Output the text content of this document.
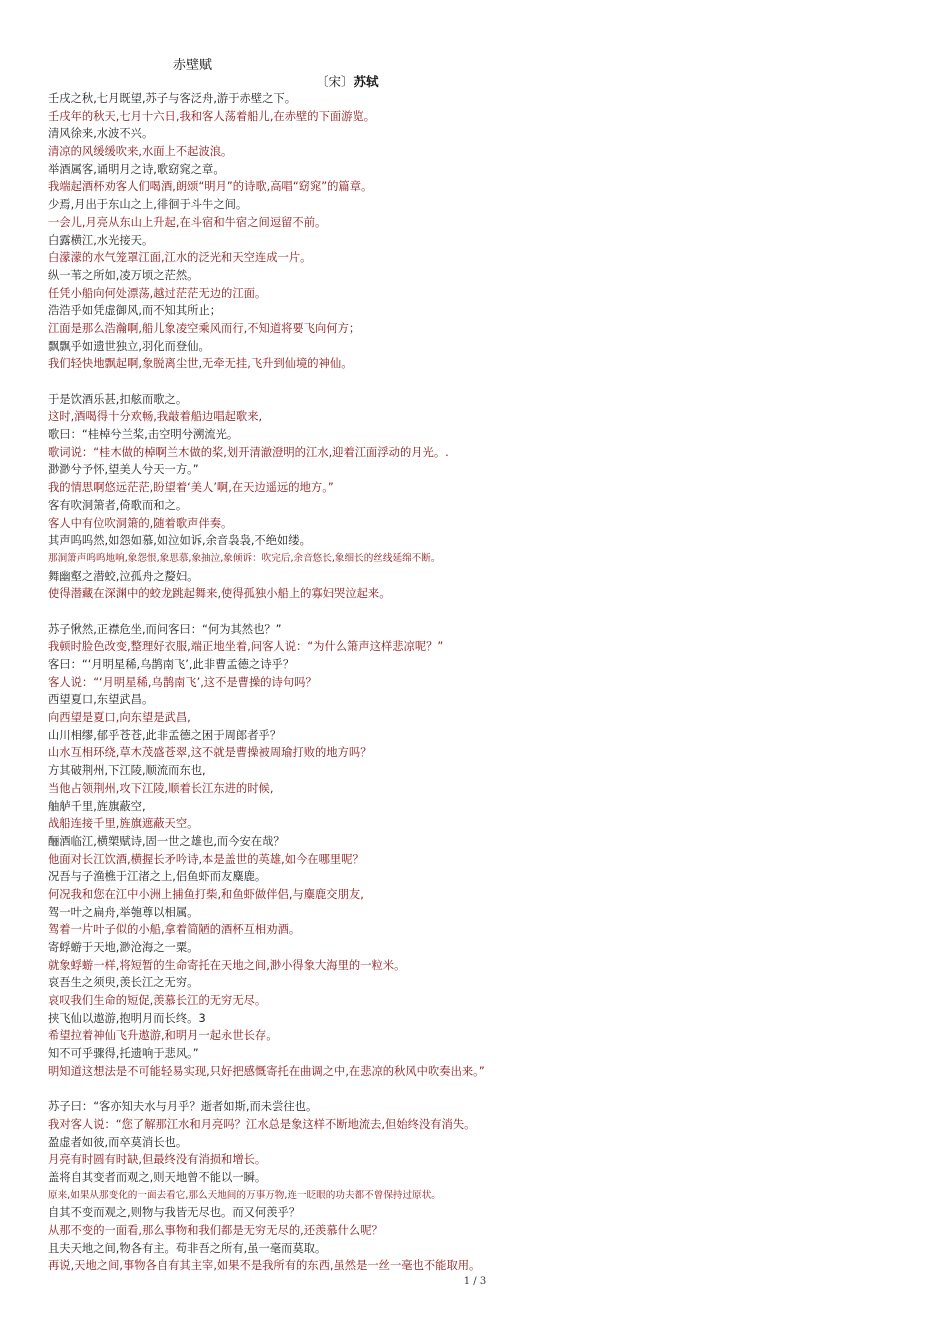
赤壁赋
〔宋〕苏轼
壬戌之秋,七月既望,苏子与客泛舟,游于赤壁之下。
壬戌年的秋天,七月十六日,我和客人荡着船儿,在赤壁的下面游览。
清风徐来,水波不兴。
清凉的风缓缓吹来,水面上不起波浪。
举酒属客,诵明月之诗,歌窈窕之章。
我端起酒杯劝客人们喝酒,朗颂“明月”的诗歌,高唱“窈窕”的篇章。
少焉,月出于东山之上,徘徊于斗牛之间。
一会儿,月亮从东山上升起,在斗宿和牛宿之间逗留不前。
白露横江,水光接天。
白濛濛的水气笼罩江面,江水的泛光和天空连成一片。
纵一苇之所如,凌万顷之茫然。
任凭小船向何处漂荡,越过茫茫无边的江面。
浩浩乎如凭虚御风,而不知其所止；
江面是那么浩瀚啊,船儿象凌空乘风而行,不知道将要飞向何方；
飘飘乎如遗世独立,羽化而登仙。
我们轻快地飘起啊,象脱离尘世,无牵无挂,飞升到仙境的神仙。
于是饮酒乐甚,扣舷而歌之。
这时,酒喝得十分欢畅,我敲着船边唱起歌来,
歌曰：“桂棹兮兰桨,击空明兮溯流光。
歌词说：“桂木做的棹啊兰木做的桨,划开清澈澄明的江水,迎着江面浮动的月光。.
渺渺兮予怀,望美人兮天一方。”
我的情思啊悠远茫茫,盼望着‘美人’啊,在天边遥远的地方。”
客有吹洞箫者,倚歌而和之。
客人中有位吹洞箫的,随着歌声伴奏。
其声呜呜然,如怨如慕,如泣如诉,余音袅袅,不绝如缕。
那洞箫声呜呜地响,象怨恨,象思慕,象抽泣,象倾诉：吹完后,余音悠长,象细长的丝线延绵不断。
舞幽壑之潜蛟,泣孤舟之嫠妇。
使得潜藏在深渊中的蛟龙跳起舞来,使得孤独小船上的寡妇哭泣起来。
苏子愀然,正襟危坐,而问客曰：“何为其然也？”
我顿时脸色改变,整理好衣服,端正地坐着,问客人说：“为什么箫声这样悲凉呢？”
客曰：“‘月明星稀,乌鹊南飞’,此非曹孟德之诗乎？
客人说：“‘月明星稀,乌鹊南飞’,这不是曹操的诗句吗？
西望夏口,东望武昌。
向西望是夏口,向东望是武昌,
山川相缪,郁乎苍苍,此非孟德之困于周郎者乎？
山水互相环绕,草木茂盛苍翠,这不就是曹操被周瑜打败的地方吗？
方其破荆州,下江陵,顺流而东也,
当他占领荆州,攻下江陵,顺着长江东进的时候,
舳舻千里,旌旗蔽空,
战船连接千里,旌旗遮蔽天空。
酾酒临江,横槊赋诗,固一世之雄也,而今安在哉？
他面对长江饮酒,横握长矛吟诗,本是盖世的英雄,如今在哪里呢？
况吾与子渔樵于江渚之上,侣鱼虾而友麋鹿。
何况我和您在江中小洲上捕鱼打柴,和鱼虾做伴侣,与麋鹿交朋友,
驾一叶之扁舟,举匏尊以相属。
驾着一片叶子似的小船,拿着简陋的酒杯互相劝酒。
寄蜉蝣于天地,渺沧海之一粟。
就象蜉蝣一样,将短暂的生命寄托在天地之间,渺小得象大海里的一粒米。
哀吾生之须臾,羡长江之无穷。
哀叹我们生命的短促,羡慕长江的无穷无尽。
挟飞仙以遨游,抱明月而长终。3
希望拉着神仙飞升遨游,和明月一起永世长存。
知不可乎骤得,托遗响于悲风。”
明知道这想法是不可能轻易实现,只好把感慨寄托在曲调之中,在悲凉的秋风中吹奏出来。”
苏子曰：“客亦知夫水与月乎？逝者如斯,而未尝往也。
我对客人说：“您了解那江水和月亮吗？江水总是象这样不断地流去,但始终没有消失。
盈虚者如彼,而卒莫消长也。
月亮有时圆有时缺,但最终没有消损和增长。
盖将自其变者而观之,则天地曾不能以一瞬。
原来,如果从那变化的一面去看它,那么天地间的万事万物,连一眨眼的功夫都不曾保持过原状。
自其不变而观之,则物与我皆无尽也。而又何羡乎？
从那不变的一面看,那么事物和我们都是无穷无尽的,还羡慕什么呢？
且夫天地之间,物各有主。苟非吾之所有,虽一毫而莫取。
再说,天地之间,事物各自有其主宰,如果不是我所有的东西,虽然是一丝一毫也不能取用。
1 / 3
